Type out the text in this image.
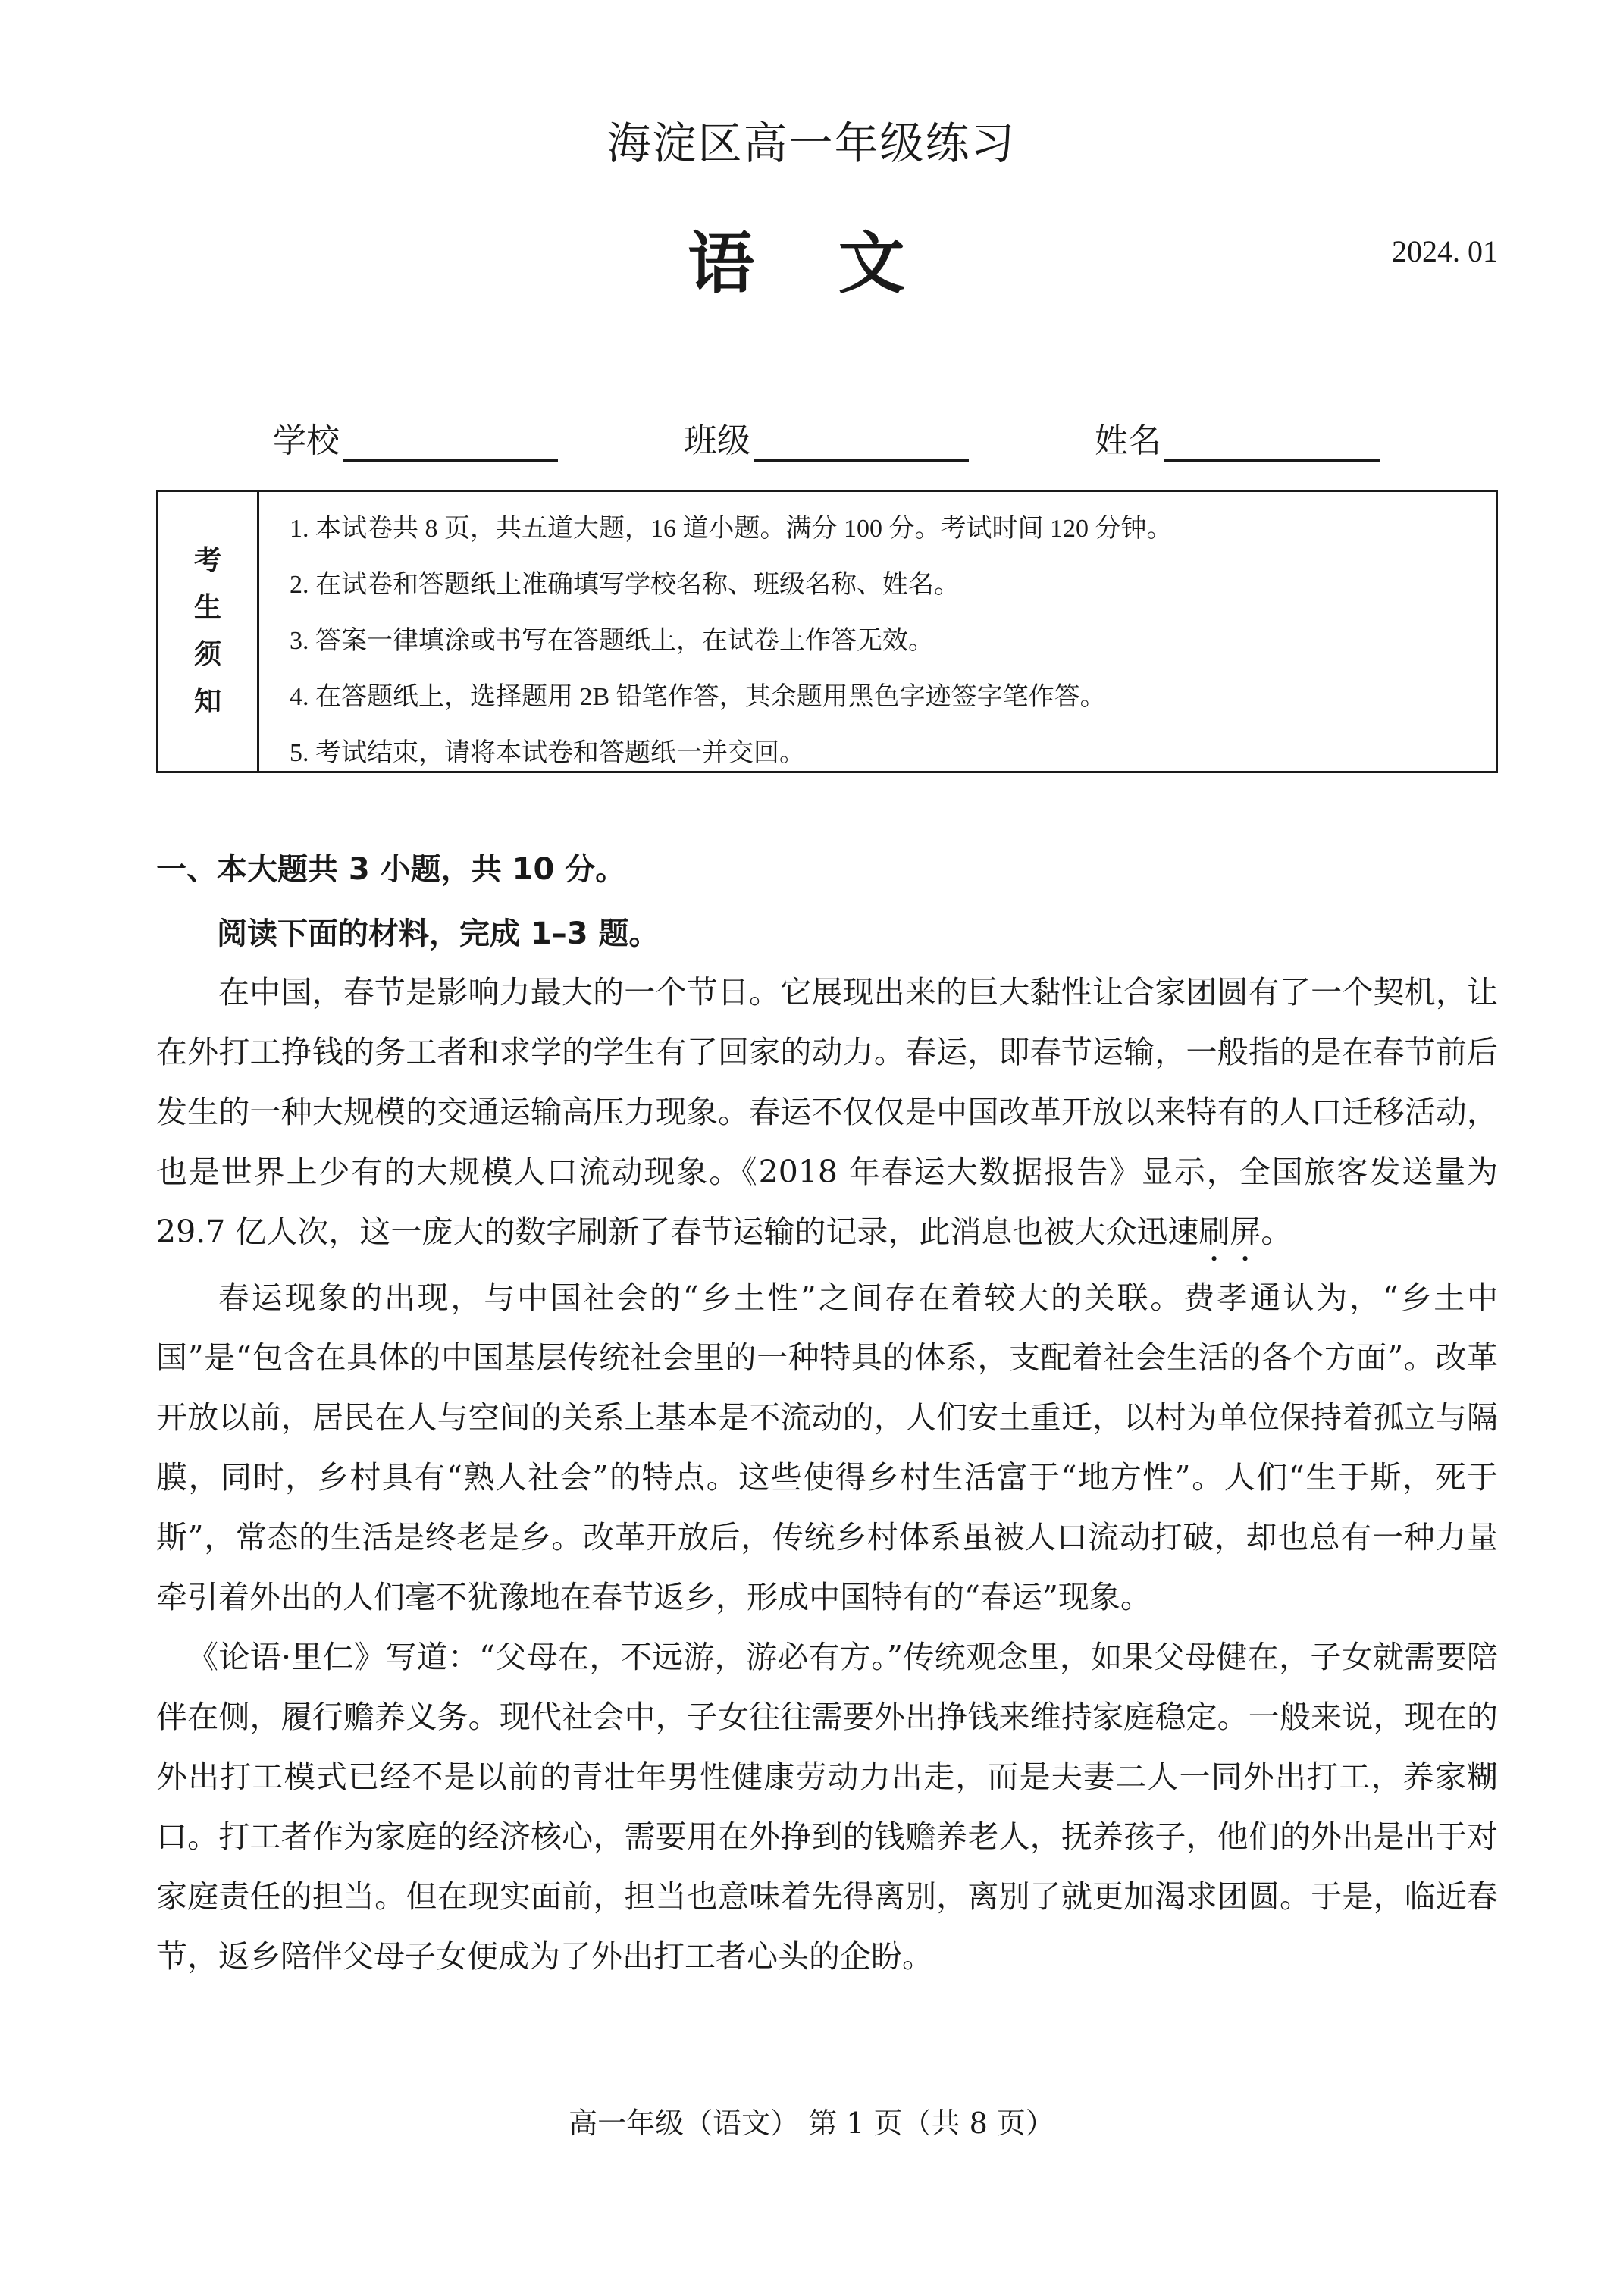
海淀区高一年级练习
语 文	2024. 01
学校	班级	姓名
考
生
须
知
1. 本试卷共 8 页，共五道大题，16 道小题。满分 100 分。考试时间 120 分钟。
2. 在试卷和答题纸上准确填写学校名称、班级名称、姓名。
3. 答案一律填涂或书写在答题纸上，在试卷上作答无效。
4. 在答题纸上，选择题用 2B 铅笔作答，其余题用黑色字迹签字笔作答。
5. 考试结束，请将本试卷和答题纸一并交回。
一、本大题共 3 小题，共 10 分。
阅读下面的材料，完成 1–3 题。

在中国，春节是影响力最大的一个节日。它展现出来的巨大黏性让合家团圆有了一个契机，让在外打工挣钱的务工者和求学的学生有了回家的动力。春运，即春节运输，一般指的是在春节前后发生的一种大规模的交通运输高压力现象。春运不仅仅是中国改革开放以来特有的人口迁移活动，也是世界上少有的大规模人口流动现象。《2018 年春运大数据报告》显示，全国旅客发送量为 29.7 亿人次，这一庞大的数字刷新了春节运输的记录，此消息也被大众迅速刷屏。

春运现象的出现，与中国社会的“乡土性”之间存在着较大的关联。费孝通认为，“乡土中国”是“包含在具体的中国基层传统社会里的一种特具的体系，支配着社会生活的各个方面”。改革开放以前，居民在人与空间的关系上基本是不流动的，人们安土重迁，以村为单位保持着孤立与隔膜，同时，乡村具有“熟人社会”的特点。这些使得乡村生活富于“地方性”。人们“生于斯，死于斯”，常态的生活是终老是乡。改革开放后，传统乡村体系虽被人口流动打破，却也总有一种力量牵引着外出的人们毫不犹豫地在春节返乡，形成中国特有的“春运”现象。

《论语·里仁》写道：“父母在，不远游，游必有方。”传统观念里，如果父母健在，子女就需要陪伴在侧，履行赡养义务。现代社会中，子女往往需要外出挣钱来维持家庭稳定。一般来说，现在的外出打工模式已经不是以前的青壮年男性健康劳动力出走，而是夫妻二人一同外出打工，养家糊口。打工者作为家庭的经济核心，需要用在外挣到的钱赡养老人，抚养孩子，他们的外出是出于对家庭责任的担当。但在现实面前，担当也意味着先得离别，离别了就更加渴求团圆。于是，临近春节，返乡陪伴父母子女便成为了外出打工者心头的企盼。

高一年级（语文） 第 1 页（共 8 页）
